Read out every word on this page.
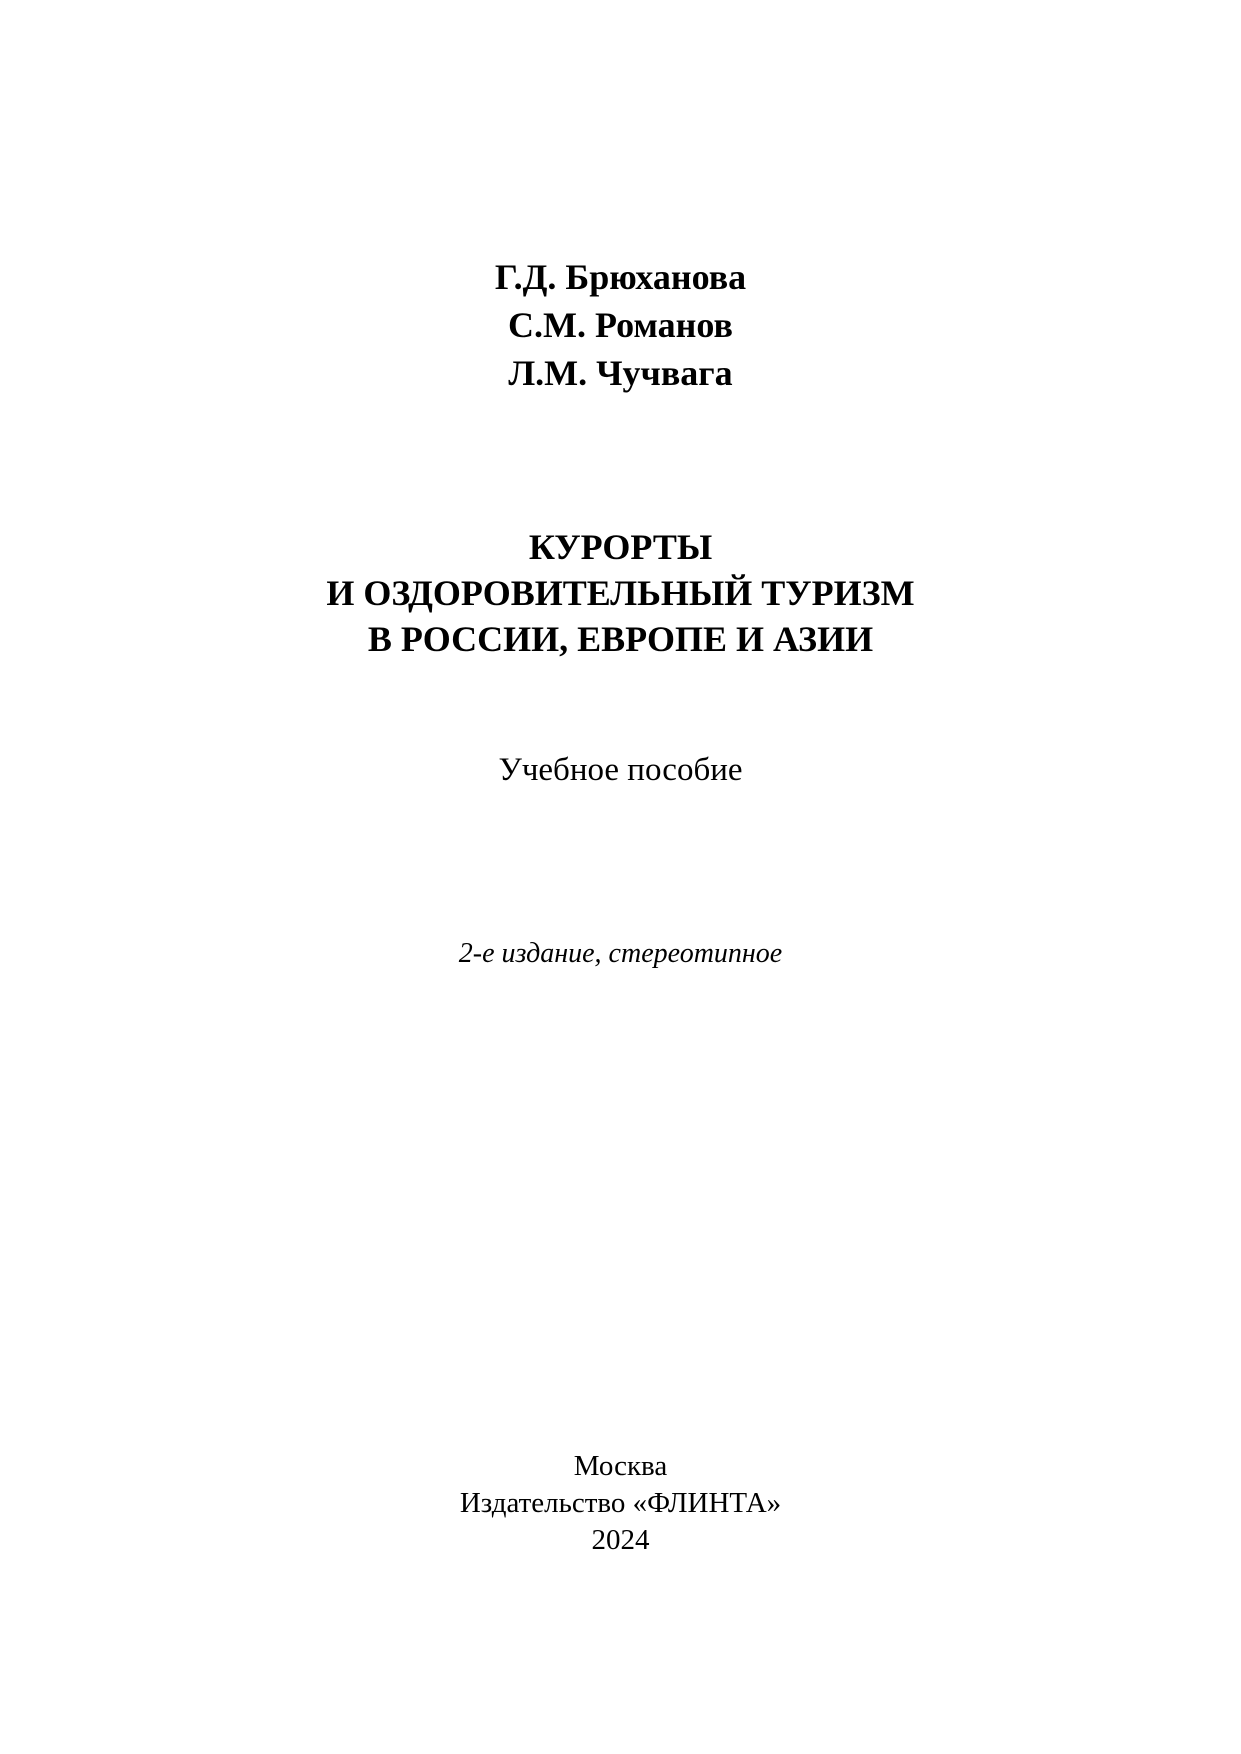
Г.Д. Брюханова
С.М. Романов
Л.М. Чучвага
КУРОРТЫ
И ОЗДОРОВИТЕЛЬНЫЙ ТУРИЗМ
В РОССИИ, ЕВРОПЕ И АЗИИ
Учебное пособие
2-е издание, стереотипное
Москва
Издательство «ФЛИНТА»
2024
